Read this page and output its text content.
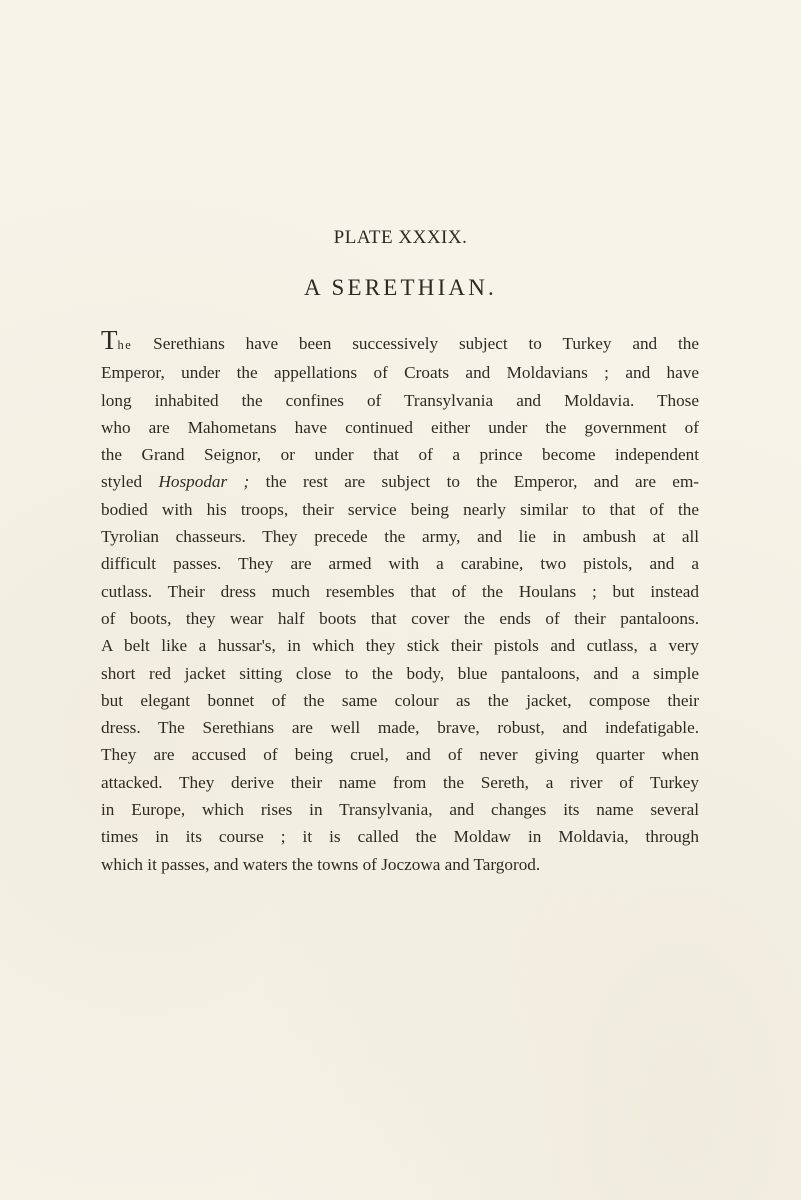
PLATE XXXIX.
A SERETHIAN.
The Serethians have been successively subject to Turkey and the
Emperor, under the appellations of Croats and Moldavians ; and have
long inhabited the confines of Transylvania and Moldavia. Those
who are Mahometans have continued either under the government of
the Grand Seignor, or under that of a prince become independent
styled Hospodar ; the rest are subject to the Emperor, and are em-
bodied with his troops, their service being nearly similar to that of the
Tyrolian chasseurs. They precede the army, and lie in ambush at all
difficult passes. They are armed with a carabine, two pistols, and a
cutlass. Their dress much resembles that of the Houlans ; but instead
of boots, they wear half boots that cover the ends of their pantaloons.
A belt like a hussar's, in which they stick their pistols and cutlass, a very
short red jacket sitting close to the body, blue pantaloons, and a simple
but elegant bonnet of the same colour as the jacket, compose their
dress. The Serethians are well made, brave, robust, and indefatigable.
They are accused of being cruel, and of never giving quarter when
attacked. They derive their name from the Sereth, a river of Turkey
in Europe, which rises in Transylvania, and changes its name several
times in its course ; it is called the Moldaw in Moldavia, through
which it passes, and waters the towns of Joczowa and Targorod.
